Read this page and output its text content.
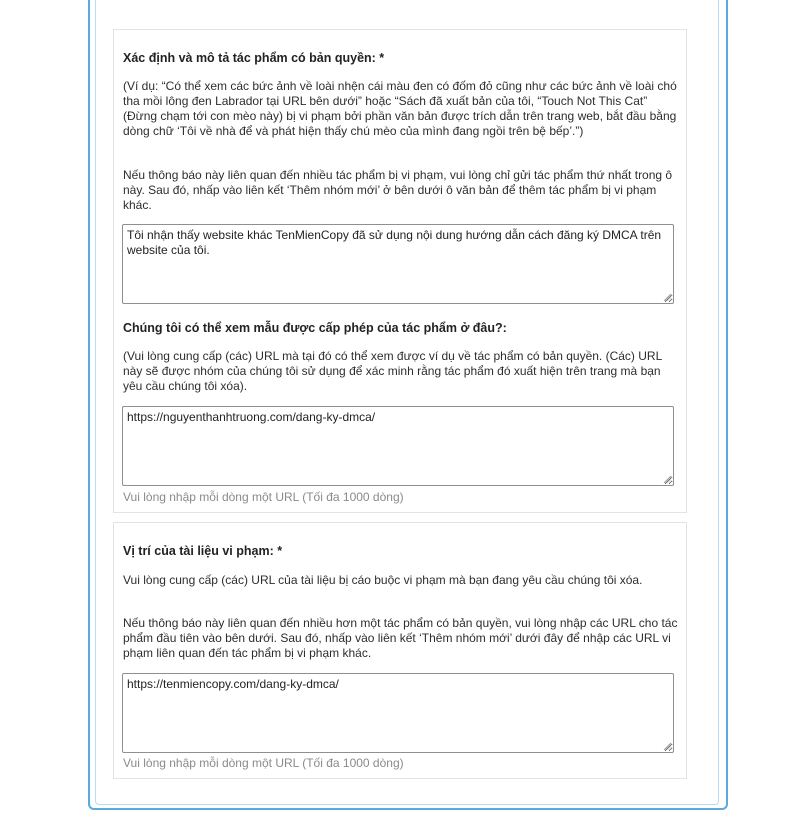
Xác định và mô tả tác phẩm có bản quyền: *
(Ví dụ: “Có thể xem các bức ảnh về loài nhện cái màu đen có đốm đỏ cũng như các bức ảnh về loài chó tha mồi lông đen Labrador tại URL bên dưới” hoặc “Sách đã xuất bản của tôi, “Touch Not This Cat” (Đừng chạm tới con mèo này) bị vi phạm bởi phần văn bản được trích dẫn trên trang web, bắt đầu bằng dòng chữ ‘Tôi về nhà để và phát hiện thấy chú mèo của mình đang ngồi trên bệ bếp’.”)
Nếu thông báo này liên quan đến nhiều tác phẩm bị vi phạm, vui lòng chỉ gửi tác phẩm thứ nhất trong ô này. Sau đó, nhấp vào liên kết ‘Thêm nhóm mới’ ở bên dưới ô văn bản để thêm tác phẩm bị vi phạm khác.
Tôi nhận thấy website khác TenMienCopy đã sử dụng nội dung hướng dẫn cách đăng ký DMCA trên website của tôi.
Chúng tôi có thể xem mẫu được cấp phép của tác phẩm ở đâu?:
(Vui lòng cung cấp (các) URL mà tại đó có thể xem được ví dụ về tác phẩm có bản quyền. (Các) URL này sẽ được nhóm của chúng tôi sử dụng để xác minh rằng tác phẩm đó xuất hiện trên trang mà bạn yêu cầu chúng tôi xóa).
https://nguyenthanhtruong.com/dang-ky-dmca/
Vui lòng nhập mỗi dòng một URL (Tối đa 1000 dòng)
Vị trí của tài liệu vi phạm: *
Vui lòng cung cấp (các) URL của tài liệu bị cáo buộc vi phạm mà bạn đang yêu cầu chúng tôi xóa.
Nếu thông báo này liên quan đến nhiều hơn một tác phẩm có bản quyền, vui lòng nhập các URL cho tác phẩm đầu tiên vào bên dưới. Sau đó, nhấp vào liên kết ‘Thêm nhóm mới’ dưới đây để nhập các URL vi phạm liên quan đến tác phẩm bị vi phạm khác.
https://tenmiencopy.com/dang-ky-dmca/
Vui lòng nhập mỗi dòng một URL (Tối đa 1000 dòng)
